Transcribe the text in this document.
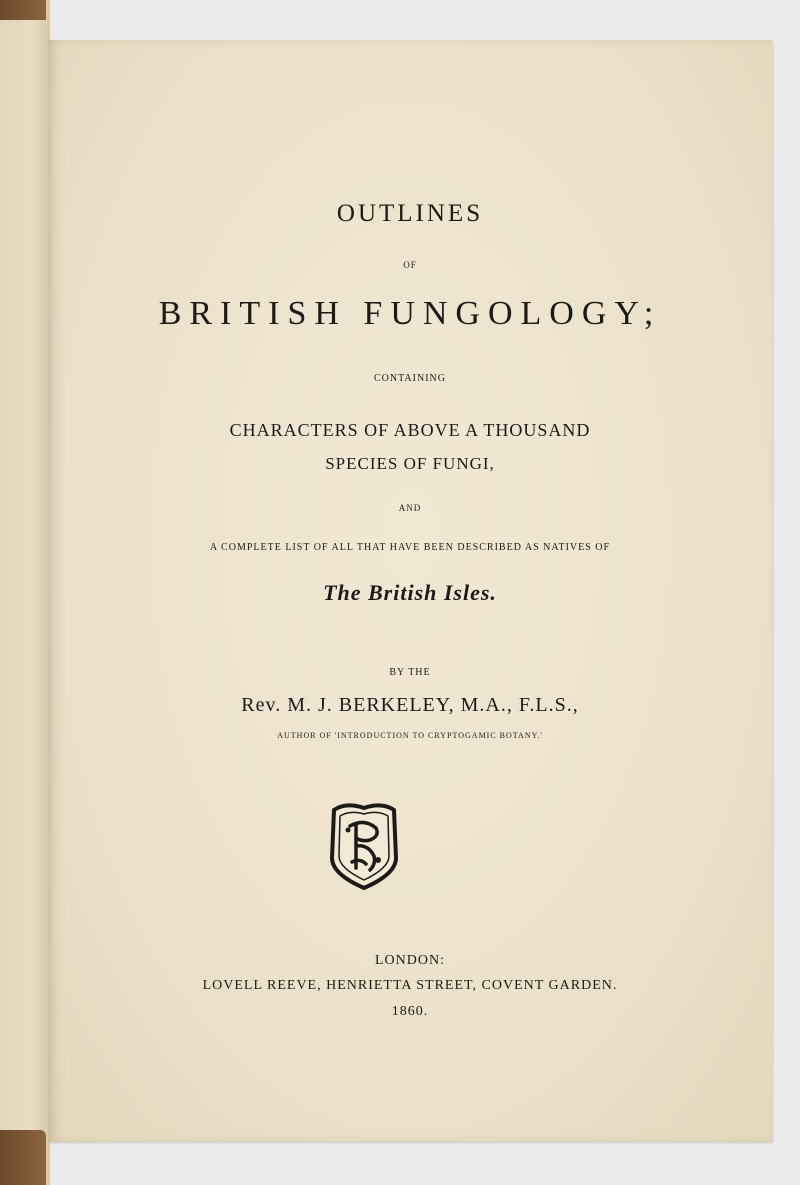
OUTLINES
OF
BRITISH FUNGOLOGY;
CONTAINING
CHARACTERS OF ABOVE A THOUSAND
SPECIES OF FUNGI,
AND
A COMPLETE LIST OF ALL THAT HAVE BEEN DESCRIBED AS NATIVES OF
The British Isles.
BY THE
Rev. M. J. BERKELEY, M.A., F.L.S.,
AUTHOR OF 'INTRODUCTION TO CRYPTOGAMIC BOTANY.'
LONDON:
LOVELL REEVE, HENRIETTA STREET, COVENT GARDEN.
1860.
